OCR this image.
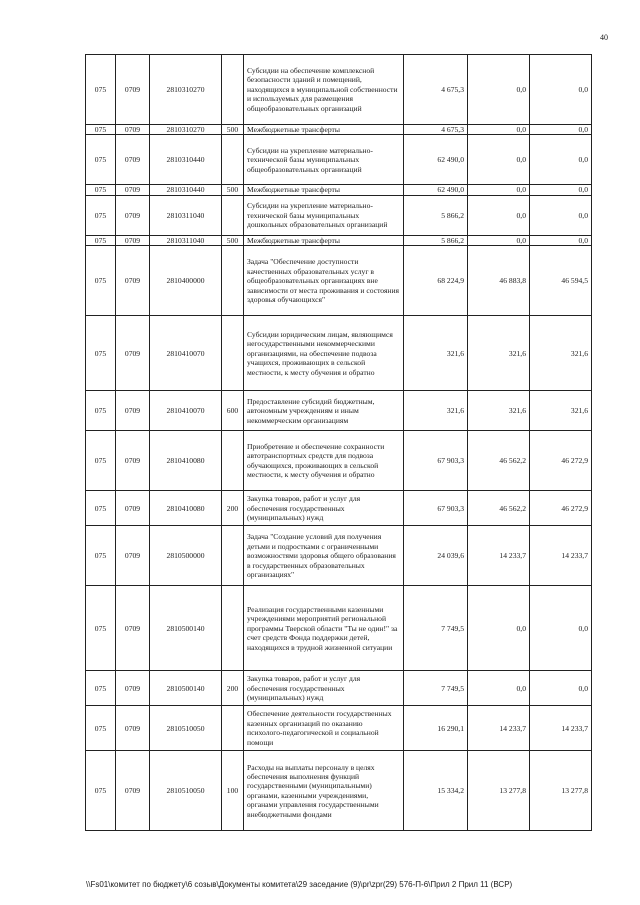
40
075	0709	2810310270		Субсидии на обеспечение комплексной безопасности зданий и помещений, находящихся в муниципальной собственности и используемых для размещения общеобразовательных организаций	4 675,3	0,0	0,0
075	0709	2810310270	500	Межбюджетные трансферты	4 675,3	0,0	0,0
075	0709	2810310440		Субсидии на укрепление материально-технической базы муниципальных общеобразовательных организаций	62 490,0	0,0	0,0
075	0709	2810310440	500	Межбюджетные трансферты	62 490,0	0,0	0,0
075	0709	2810311040		Субсидии на укрепление материально-технической базы муниципальных дошкольных образовательных организаций	5 866,2	0,0	0,0
075	0709	2810311040	500	Межбюджетные трансферты	5 866,2	0,0	0,0
075	0709	2810400000		Задача "Обеспечение доступности качественных образовательных услуг в общеобразовательных организациях вне зависимости от места проживания и состояния здоровья обучающихся"	68 224,9	46 883,8	46 594,5
075	0709	2810410070		Субсидии юридическим лицам, являющимся негосударственными некоммерческими организациями, на обеспечение подвоза учащихся, проживающих в сельской местности, к месту обучения и обратно	321,6	321,6	321,6
075	0709	2810410070	600	Предоставление субсидий бюджетным, автономным учреждениям и иным некоммерческим организациям	321,6	321,6	321,6
075	0709	2810410080		Приобретение и обеспечение сохранности автотранспортных средств для подвоза обучающихся, проживающих в сельской местности, к месту обучения и обратно	67 903,3	46 562,2	46 272,9
075	0709	2810410080	200	Закупка товаров, работ и услуг для обеспечения государственных (муниципальных) нужд	67 903,3	46 562,2	46 272,9
075	0709	2810500000		Задача "Создание условий для получения детьми и подростками с ограниченными возможностями здоровья общего образования в государственных образовательных организациях"	24 039,6	14 233,7	14 233,7
075	0709	2810500140		Реализация государственными казенными учреждениями мероприятий региональной программы Тверской области "Ты не один!" за счет средств Фонда поддержки детей, находящихся в трудной жизненной ситуации	7 749,5	0,0	0,0
075	0709	2810500140	200	Закупка товаров, работ и услуг для обеспечения государственных (муниципальных) нужд	7 749,5	0,0	0,0
075	0709	2810510050		Обеспечение деятельности государственных казенных организаций по оказанию психолого-педагогической и социальной помощи	16 290,1	14 233,7	14 233,7
075	0709	2810510050	100	Расходы на выплаты персоналу в целях обеспечения выполнения функций государственными (муниципальными) органами, казенными учреждениями, органами управления государственными внебюджетными фондами	15 334,2	13 277,8	13 277,8
\\Fs01\комитет по бюджету\6 созыв\Документы комитета\29 заседание (9)\pr\zpr(29) 576-П-6\Прил 2 Прил 11 (ВСР)
